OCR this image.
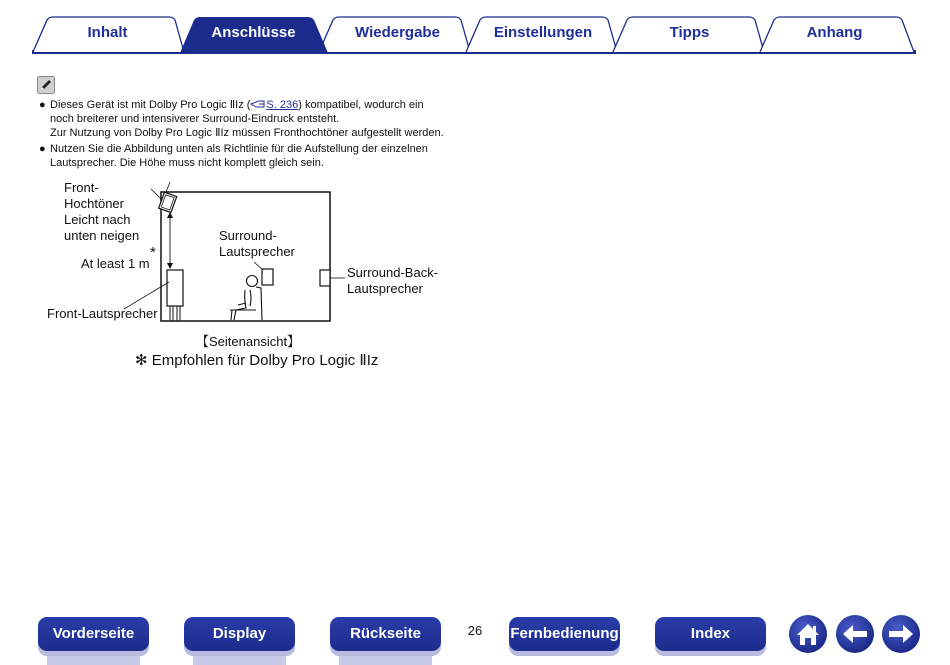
Inhalt	Anschlüsse	Wiedergabe	Einstellungen	Tipps	Anhang
● Dieses Gerät ist mit Dolby Pro Logic ⅡIz ( S. 236) kompatibel, wodurch ein
noch breiterer und intensiverer Surround-Eindruck entsteht.
Zur Nutzung von Dolby Pro Logic ⅡIz müssen Fronthochtöner aufgestellt werden.
● Nutzen Sie die Abbildung unten als Richtlinie für die Aufstellung der einzelnen
Lautsprecher. Die Höhe muss nicht komplett gleich sein.
Front-
Hochtöner
Leicht nach
unten neigen
*
At least 1 m
Surround-
Lautsprecher
Surround-Back-
Lautsprecher
Front-Lautsprecher
【Seitenansicht】
✻ Empfohlen für Dolby Pro Logic ⅡIz
Vorderseite	Display	Rückseite	26	Fernbedienung	Index
